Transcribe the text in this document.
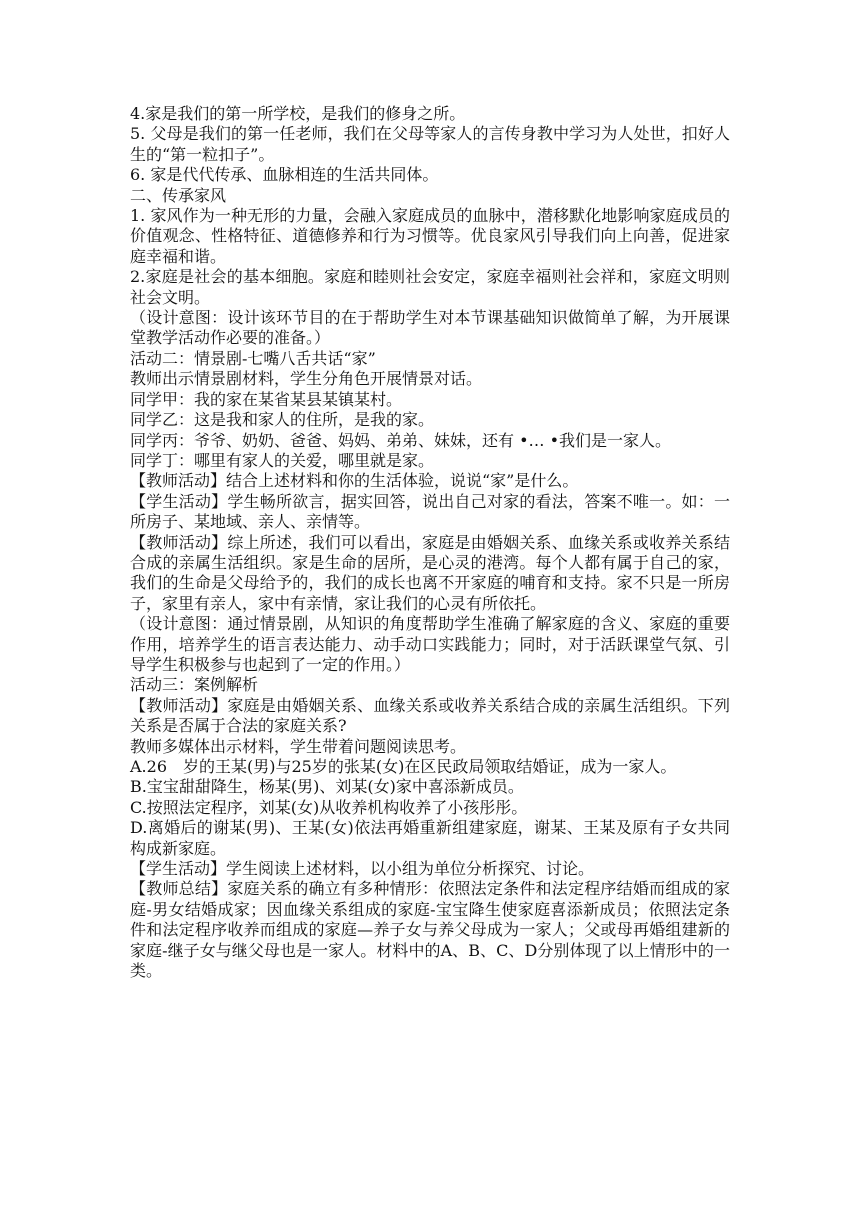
4.家是我们的第一所学校，是我们的修身之所。

5. 父母是我们的第一任老师，我们在父母等家人的言传身教中学习为人处世，扣好人生的“第一粒扣子”。

6. 家是代代传承、血脉相连的生活共同体。

二、传承家风

1. 家风作为一种无形的力量，会融入家庭成员的血脉中，潜移默化地影响家庭成员的价值观念、性格特征、道德修养和行为习惯等。优良家风引导我们向上向善，促进家庭幸福和谐。

2.家庭是社会的基本细胞。家庭和睦则社会安定，家庭幸福则社会祥和，家庭文明则社会文明。

（设计意图：设计该环节目的在于帮助学生对本节课基础知识做简单了解，为开展课堂教学活动作必要的准备。）

活动二：情景剧-七嘴八舌共话“家”

教师出示情景剧材料，学生分角色开展情景对话。

同学甲：我的家在某省某县某镇某村。

同学乙：这是我和家人的住所，是我的家。

同学丙：爷爷、奶奶、爸爸、妈妈、弟弟、妹妹，还有 •… •我们是一家人。

同学丁：哪里有家人的关爱，哪里就是家。

【教师活动】结合上述材料和你的生活体验，说说“家”是什么。

【学生活动】学生畅所欲言，据实回答，说出自己对家的看法，答案不唯一。如：一所房子、某地域、亲人、亲情等。

【教师活动】综上所述，我们可以看出，家庭是由婚姻关系、血缘关系或收养关系结合成的亲属生活组织。家是生命的居所，是心灵的港湾。每个人都有属于自己的家，我们的生命是父母给予的，我们的成长也离不开家庭的哺育和支持。家不只是一所房子，家里有亲人，家中有亲情，家让我们的心灵有所依托。

（设计意图：通过情景剧，从知识的角度帮助学生准确了解家庭的含义、家庭的重要作用，培养学生的语言表达能力、动手动口实践能力；同时，对于活跃课堂气氛、引导学生积极参与也起到了一定的作用。）

活动三：案例解析

【教师活动】家庭是由婚姻关系、血缘关系或收养关系结合成的亲属生活组织。下列关系是否属于合法的家庭关系?

教师多媒体出示材料，学生带着问题阅读思考。

A.26　岁的王某(男)与25岁的张某(女)在区民政局领取结婚证，成为一家人。

B.宝宝甜甜降生，杨某(男)、刘某(女)家中喜添新成员。

C.按照法定程序，刘某(女)从收养机构收养了小孩彤彤。

D.离婚后的谢某(男)、王某(女)依法再婚重新组建家庭，谢某、王某及原有子女共同构成新家庭。

【学生活动】学生阅读上述材料，以小组为单位分析探究、讨论。

【教师总结】家庭关系的确立有多种情形：依照法定条件和法定程序结婚而组成的家庭-男女结婚成家；因血缘关系组成的家庭-宝宝降生使家庭喜添新成员；依照法定条件和法定程序收养而组成的家庭—养子女与养父母成为一家人；父或母再婚组建新的家庭-继子女与继父母也是一家人。材料中的A、B、C、D分别体现了以上情形中的一类。
